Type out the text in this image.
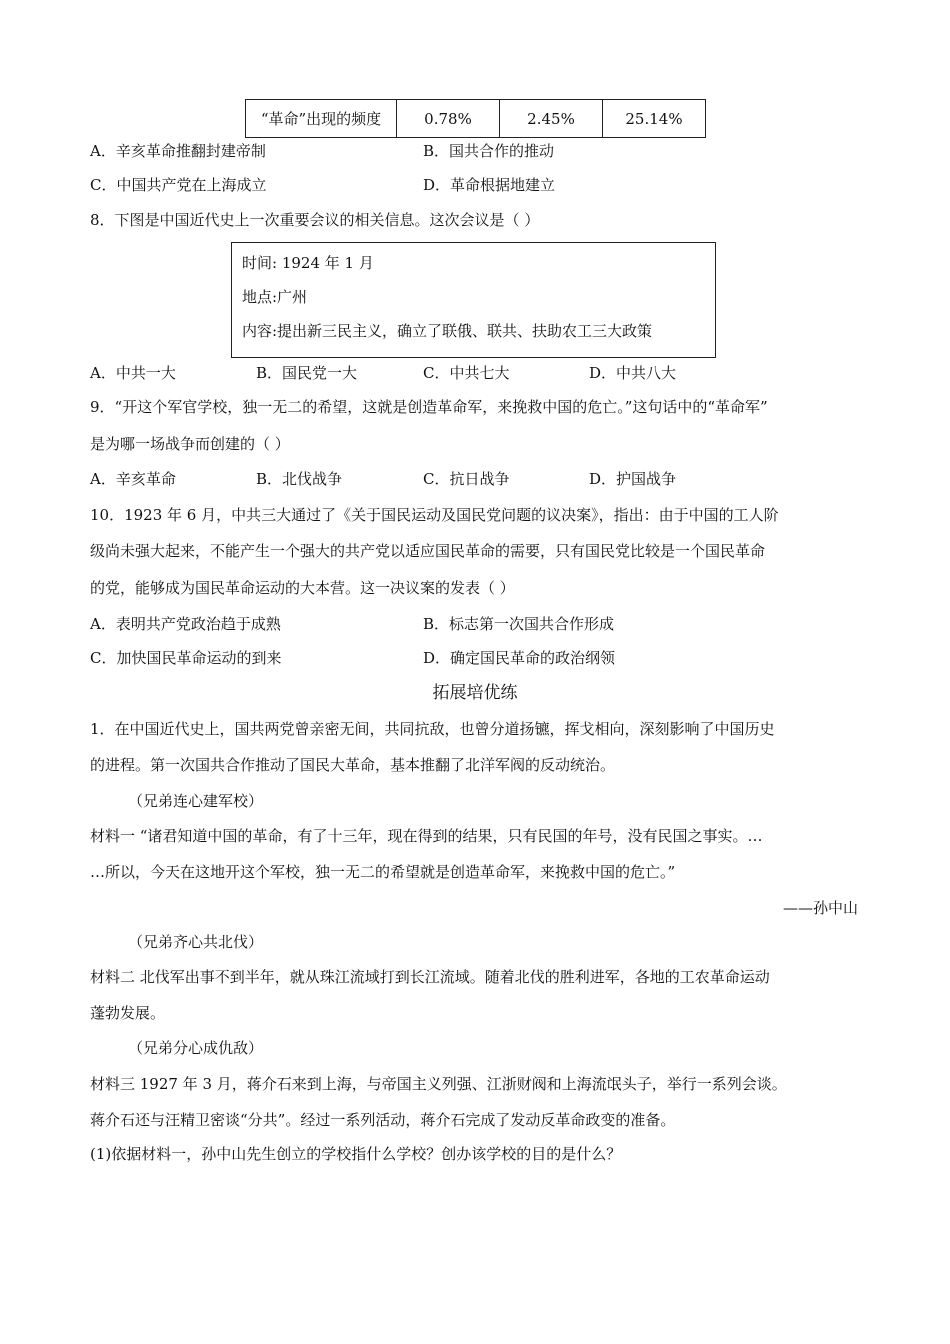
“革命”出现的频度	0.78%	2.45%	25.14%
A．辛亥革命推翻封建帝制	B．国共合作的推动
C．中国共产党在上海成立	D．革命根据地建立
8．下图是中国近代史上一次重要会议的相关信息。这次会议是（ ）
时间: 1924 年 1 月
地点:广州
内容:提出新三民主义，确立了联俄、联共、扶助农工三大政策
A．中共一大	B．国民党一大	C．中共七大	D．中共八大
9．“开这个军官学校，独一无二的希望，这就是创造革命军，来挽救中国的危亡。”这句话中的“革命军”
是为哪一场战争而创建的（ ）
A．辛亥革命	B．北伐战争	C．抗日战争	D．护国战争
10．1923 年 6 月，中共三大通过了《关于国民运动及国民党问题的议决案》，指出：由于中国的工人阶
级尚未强大起来，不能产生一个强大的共产党以适应国民革命的需要，只有国民党比较是一个国民革命
的党，能够成为国民革命运动的大本营。这一决议案的发表（ ）
A．表明共产党政治趋于成熟	B．标志第一次国共合作形成
C．加快国民革命运动的到来	D．确定国民革命的政治纲领
拓展培优练
1．在中国近代史上，国共两党曾亲密无间，共同抗敌，也曾分道扬镳，挥戈相向，深刻影响了中国历史
的进程。第一次国共合作推动了国民大革命，基本推翻了北洋军阀的反动统治。
（兄弟连心建军校）
材料一 “诸君知道中国的革命，有了十三年，现在得到的结果，只有民国的年号，没有民国之事实。…
…所以，今天在这地开这个军校，独一无二的希望就是创造革命军，来挽救中国的危亡。”
——孙中山
（兄弟齐心共北伐）
材料二 北伐军出事不到半年，就从珠江流域打到长江流域。随着北伐的胜利进军，各地的工农革命运动
蓬勃发展。
（兄弟分心成仇敌）
材料三 1927 年 3 月，蒋介石来到上海，与帝国主义列强、江浙财阀和上海流氓头子，举行一系列会谈。
蒋介石还与汪精卫密谈“分共”。经过一系列活动，蒋介石完成了发动反革命政变的准备。
(1)依据材料一，孙中山先生创立的学校指什么学校？创办该学校的目的是什么？
